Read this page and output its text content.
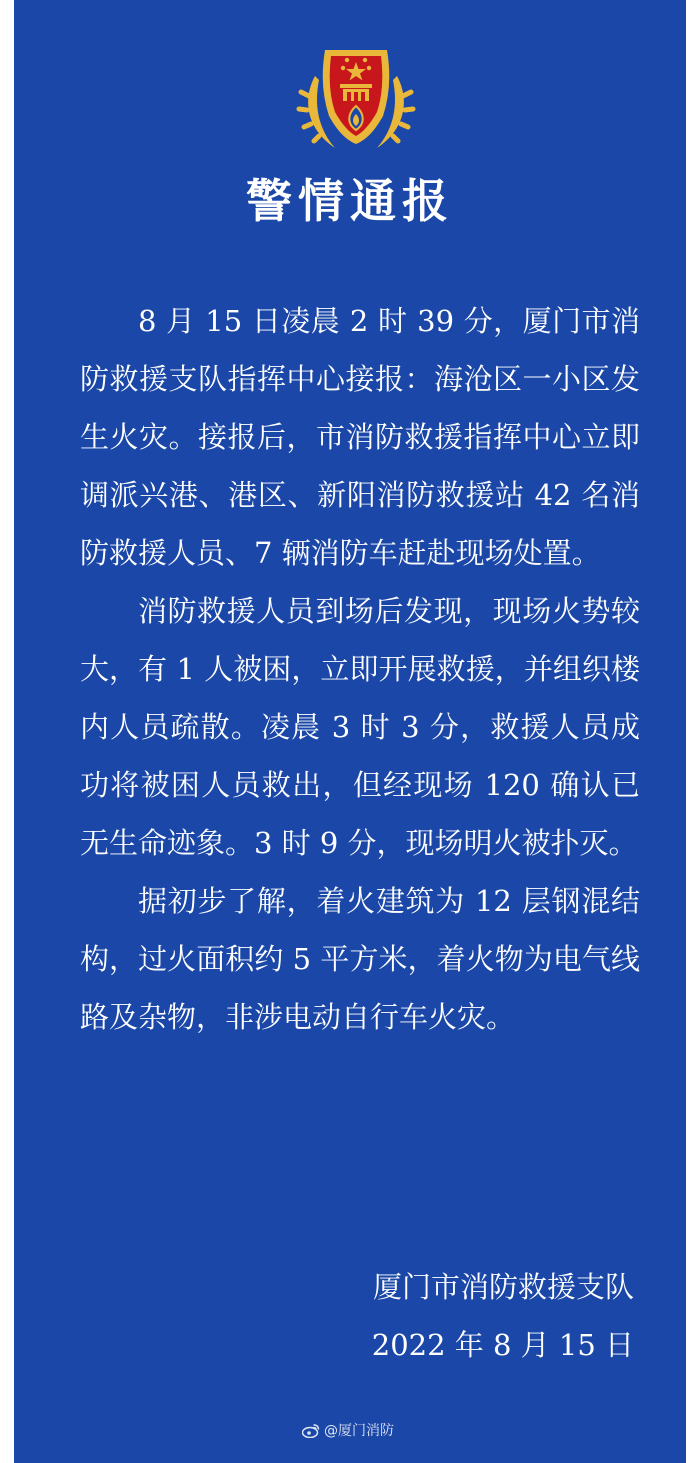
警情通报

8 月 15 日凌晨 2 时 39 分，厦门市消防救援支队指挥中心接报：海沧区一小区发生火灾。接报后，市消防救援指挥中心立即调派兴港、港区、新阳消防救援站 42 名消防救援人员、7 辆消防车赶赴现场处置。

消防救援人员到场后发现，现场火势较大，有 1 人被困，立即开展救援，并组织楼内人员疏散。凌晨 3 时 3 分，救援人员成功将被困人员救出，但经现场 120 确认已无生命迹象。3 时 9 分，现场明火被扑灭。

据初步了解，着火建筑为 12 层钢混结构，过火面积约 5 平方米，着火物为电气线路及杂物，非涉电动自行车火灾。

厦门市消防救援支队
2022 年 8 月 15 日
@厦门消防
